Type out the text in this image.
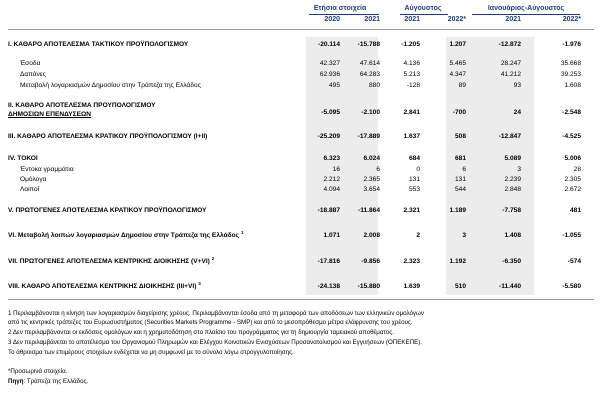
Ετήσια στοιχεία	Αύγουστος	Ιανουάριος-Αύγουστος
2020	2021	2021	2022*	2021	2022*
I. ΚΑΘΑΡΟ ΑΠΟΤΕΛΕΣΜΑ ΤΑΚΤΙΚΟΥ ΠΡΟΫΠΟΛΟΓΙΣΜΟΥ	-20.114	-15.788	-1.205	1.207	-12.872	-1.976
Έσοδα	42.327	47.614	4.136	5.465	28.247	35.668
Δαπάνες	62.936	64.283	5.213	4.347	41.212	39.253
Μεταβολή λογαριασμών Δημοσίου στην Τράπεζα της Ελλάδος	495	880	-128	89	93	1.608
II. ΚΑΘΑΡΟ ΑΠΟΤΕΛΕΣΜΑ ΠΡΟΥΠΟΛΟΓΙΣΜΟΥ
ΔΗΜΟΣΙΩΝ ΕΠΕΝΔΥΣΕΩΝ	-5.095	-2.100	2.841	-700	24	-2.548
III. ΚΑΘΑΡΟ ΑΠΟΤΕΛΕΣΜΑ ΚΡΑΤΙΚΟΥ ΠΡΟΫΠΟΛΟΓΙΣΜΟΥ (I+II)	-25.209	-17.889	1.637	508	-12.847	-4.525
IV. ΤΟΚΟΙ	6.323	6.024	684	681	5.089	5.006
Έντοκα γραμμάτια	16	6	0	6	3	28
Ομόλογα	2.212	2.365	131	131	2.239	2.305
Λοιποί	4.094	3.654	553	544	2.848	2.672
V. ΠΡΩΤΟΓΕΝΕΣ ΑΠΟΤΕΛΕΣΜΑ ΚΡΑΤΙΚΟΥ ΠΡΟΫΠΟΛΟΓΙΣΜΟΥ	-18.887	-11.864	2.321	1.189	-7.758	481
VI. Μεταβολή λοιπών λογαριασμών Δημοσίου στην Τράπεζα της Ελλάδος $^1$	1.071	2.008	2	3	1.408	-1.055
VII. ΠΡΩΤΟΓΕΝΕΣ ΑΠΟΤΕΛΕΣΜΑ ΚΕΝΤΡΙΚΗΣ ΔΙΟΙΚΗΣΗΣ (V+VI) $^2$	-17.816	-9.856	2.323	1.192	-6.350	-574
VIII. ΚΑΘΑΡΟ ΑΠΟΤΕΛΕΣΜΑ ΚΕΝΤΡΙΚΗΣ ΔΙΟΙΚΗΣΗΣ (III+VI) $^3$	-24.138	-15.880	1.639	510	-11.440	-5.580
1 Περιλαμβάνονται η κίνηση των λογαριασμών διαχείρισης χρέους. Περιλαμβάνονται έσοδα από τη μεταφορά των αποδόσεων των ελληνικών ομολόγων
από τις κεντρικές τράπεζες του Ευρωσυστήματος (Securities Markets Programme - SMP) και από το μεσοπρόθεσμο μέτρα ελάφρυνσης του χρέους.
2 Δεν περιλαμβάνονται οι εκδόσεις ομολόγων και η χρηματοδότηση στο πλαίσιο του προγράμματος για τη δημιουργία ταμειακού αποθέματος.
3 Δεν περιλαμβάνεται το αποτέλεσμα του Οργανισμού Πληρωμών και Ελέγχου Κοινοτικών Ενισχύσεων Προσανατολισμού και Εγγυήσεων (ΟΠΕΚΕΠΕ).
Το άθροισμα των επιμέρους στοιχείων ενδέχεται να μη συμφωνεί με το σύνολο λόγω στρογγυλοποίησης.
*Προσωρινά στοιχεία.
Πηγή: Τράπεζα της Ελλάδος.
